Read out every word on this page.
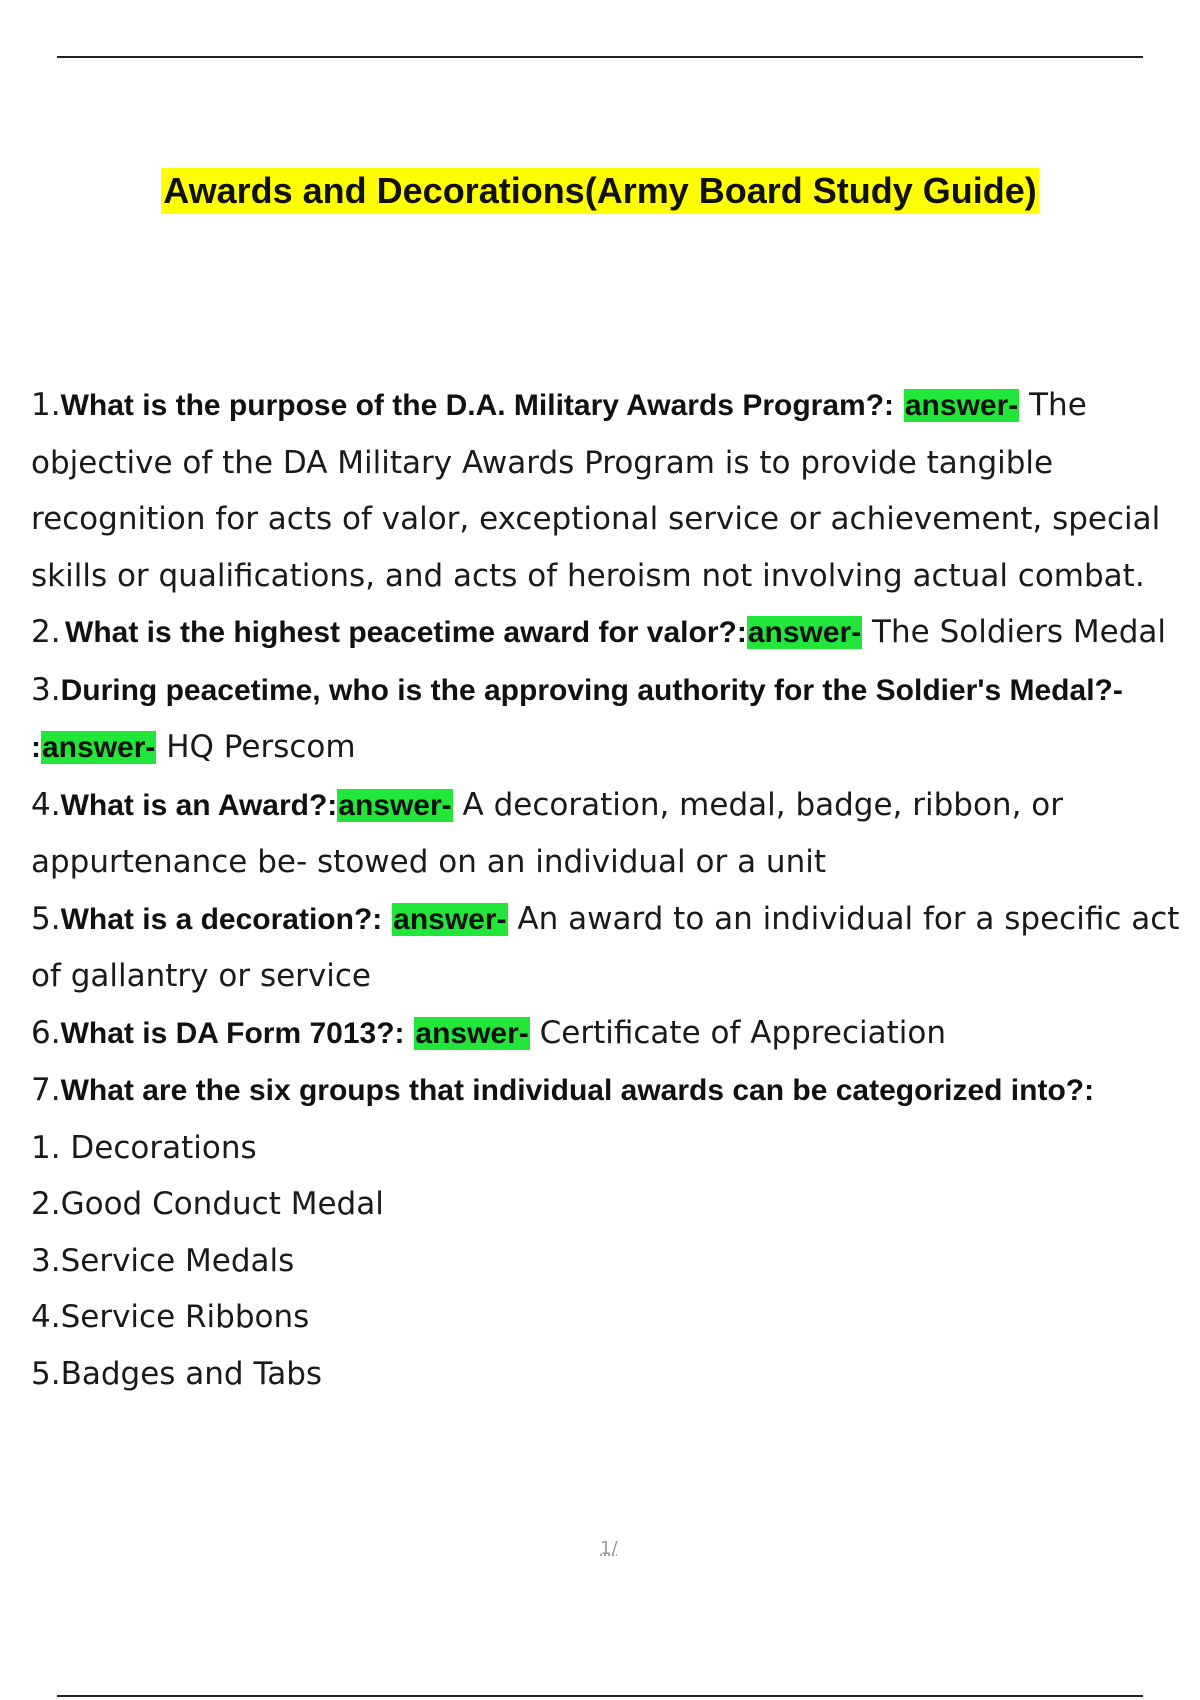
Awards and Decorations(Army Board Study Guide)
1.What is the purpose of the D.A. Military Awards Program?: answer- The objective of the DA Military Awards Program is to provide tangible recognition for acts of valor, exceptional service or achievement, special skills or qualifications, and acts of heroism not involving actual combat.
2. What is the highest peacetime award for valor?:answer- The Soldiers Medal
3.During peacetime, who is the approving authority for the Soldier's Medal?-
:answer- HQ Perscom
4.What is an Award?:answer- A decoration, medal, badge, ribbon, or appurtenance be- stowed on an individual or a unit
5.What is a decoration?: answer- An award to an individual for a specific act of gallantry or service
6.What is DA Form 7013?: answer- Certificate of Appreciation
7.What are the six groups that individual awards can be categorized into?:
1. Decorations
2.Good Conduct Medal
3.Service Medals
4.Service Ribbons
5.Badges and Tabs
1/
